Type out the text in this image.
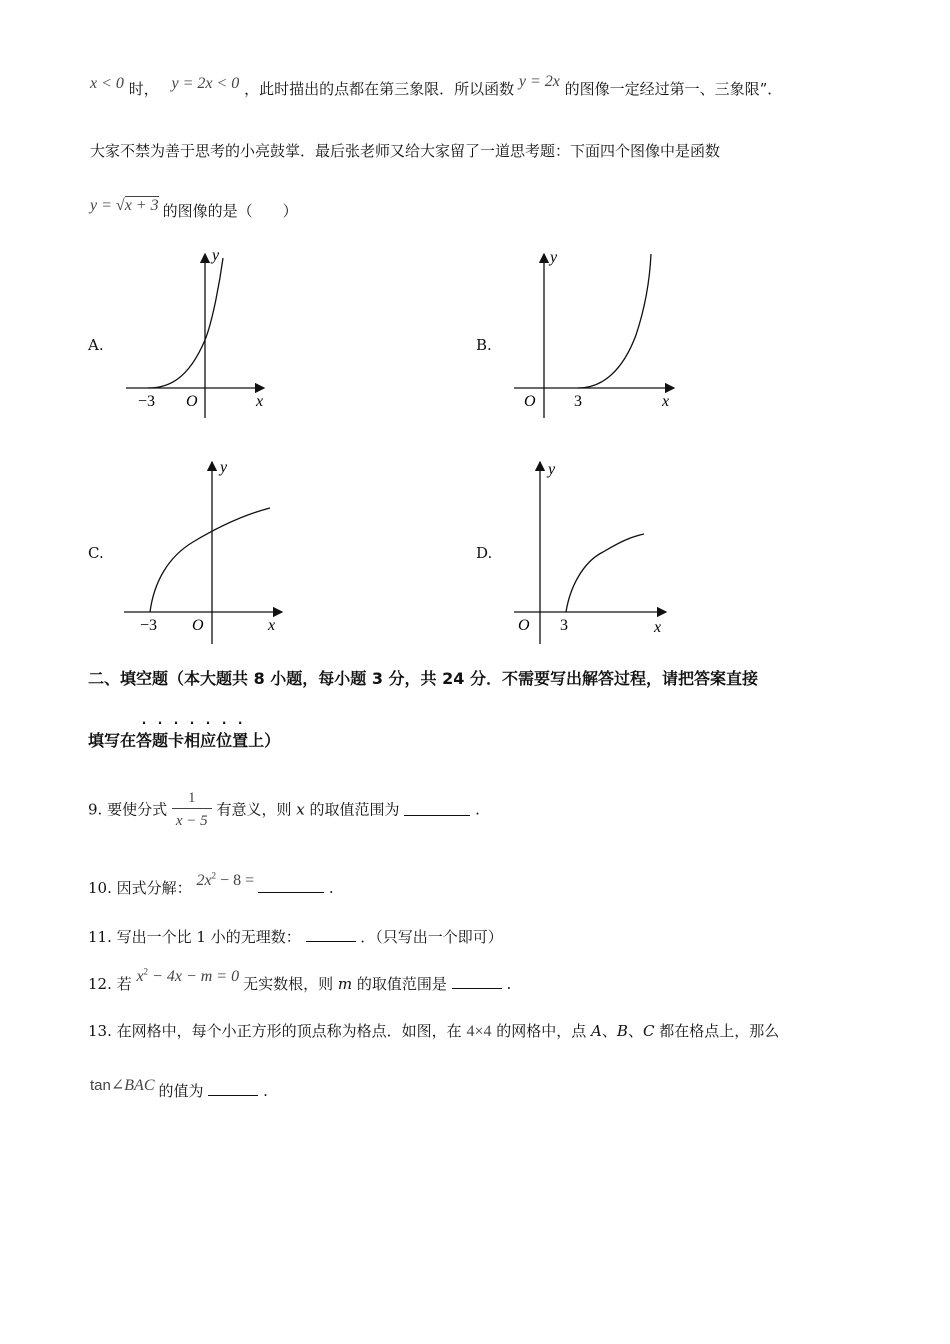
x < 0 时， y = 2x < 0 ，此时描出的点都在第三象限．所以函数 y = 2x 的图像一定经过第一、三象限”．
大家不禁为善于思考的小亮鼓掌．最后张老师又给大家留了一道思考题：下面四个图像中是函数
y = √x + 3 的图像的是（　　）
A.	B.
C.	D.
y
x
O
−3
y
x
O 3
y
x
O
−3
y
x
O 3
二、填空题（本大题共 8 小题，每小题 3 分，共 24 分．不需要写出解答过程，请把答案直接
填写在
·
答
·
题
·
卡
·
相
·
应
·
位
·
置上）
9. 要使分式 $\frac{1}{x - 5}$ 有意义，则 x 的取值范围为	.
10. 因式分解： $2x^2 - 8$ =	.
11. 写出一个比 1 小的无理数：	．（只写出一个即可）
12. 若 $x^2 - 4x - m = 0$ 无实数根，则 m 的取值范围是	.
13. 在网格中，每个小正方形的顶点称为格点．如图，在 4×4 的网格中，点 A、B、C 都在格点上，那么
tan∠BAC 的值为	.
